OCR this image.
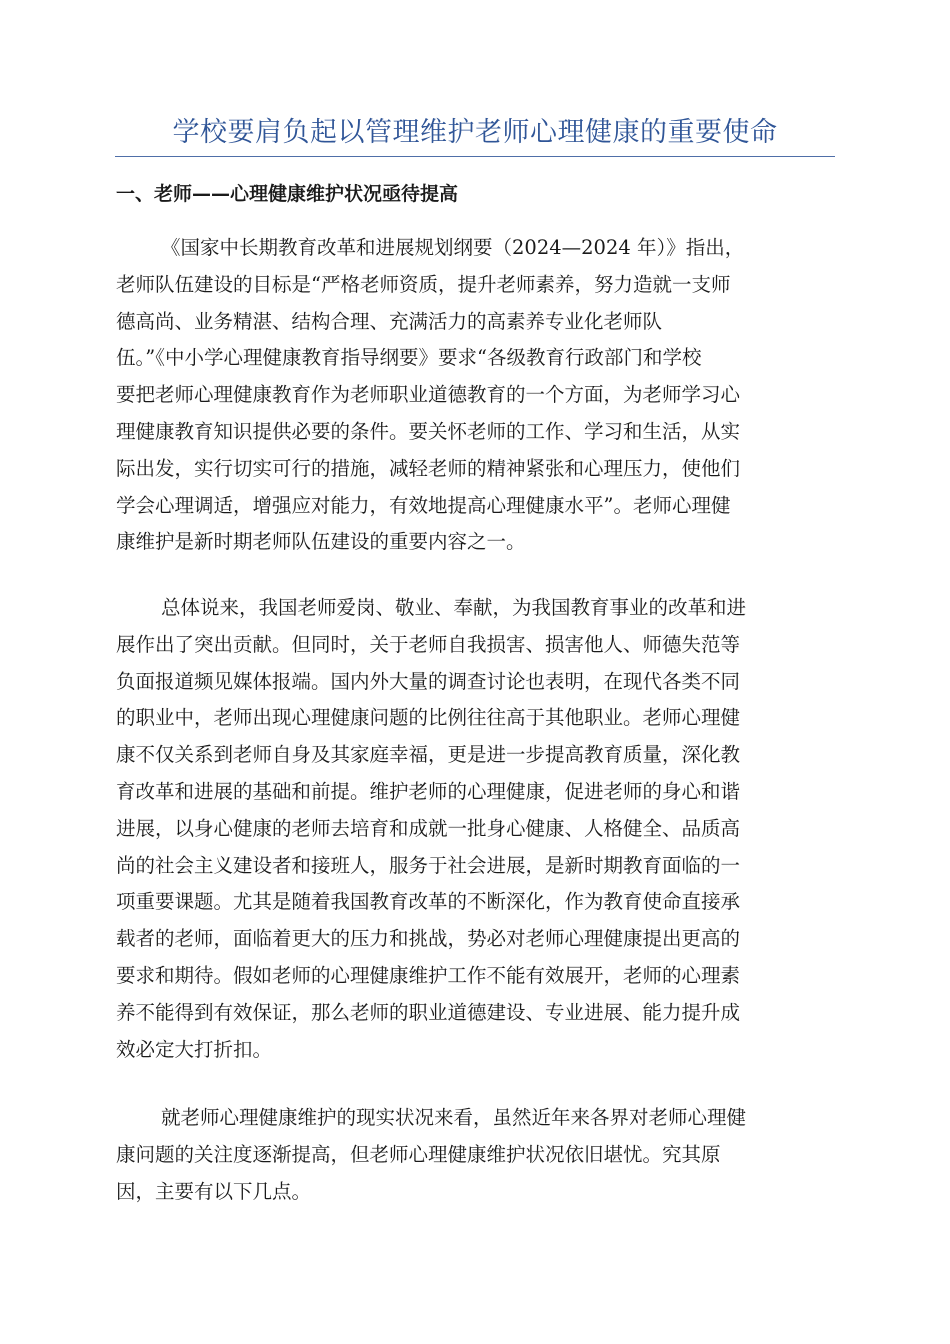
学校要肩负起以管理维护老师心理健康的重要使命
一、老师——心理健康维护状况亟待提高
《国家中长期教育改革和进展规划纲要（2024—2024 年）》指出，
老师队伍建设的目标是“严格老师资质，提升老师素养，努力造就一支师
德高尚、业务精湛、结构合理、充满活力的高素养专业化老师队
伍。”《中小学心理健康教育指导纲要》要求“各级教育行政部门和学校
要把老师心理健康教育作为老师职业道德教育的一个方面，为老师学习心
理健康教育知识提供必要的条件。要关怀老师的工作、学习和生活，从实
际出发，实行切实可行的措施，减轻老师的精神紧张和心理压力，使他们
学会心理调适，增强应对能力，有效地提高心理健康水平”。老师心理健
康维护是新时期老师队伍建设的重要内容之一。
总体说来，我国老师爱岗、敬业、奉献，为我国教育事业的改革和进
展作出了突出贡献。但同时，关于老师自我损害、损害他人、师德失范等
负面报道频见媒体报端。国内外大量的调查讨论也表明，在现代各类不同
的职业中，老师出现心理健康问题的比例往往高于其他职业。老师心理健
康不仅关系到老师自身及其家庭幸福，更是进一步提高教育质量，深化教
育改革和进展的基础和前提。维护老师的心理健康，促进老师的身心和谐
进展，以身心健康的老师去培育和成就一批身心健康、人格健全、品质高
尚的社会主义建设者和接班人，服务于社会进展，是新时期教育面临的一
项重要课题。尤其是随着我国教育改革的不断深化，作为教育使命直接承
载者的老师，面临着更大的压力和挑战，势必对老师心理健康提出更高的
要求和期待。假如老师的心理健康维护工作不能有效展开，老师的心理素
养不能得到有效保证，那么老师的职业道德建设、专业进展、能力提升成
效必定大打折扣。
就老师心理健康维护的现实状况来看，虽然近年来各界对老师心理健
康问题的关注度逐渐提高，但老师心理健康维护状况依旧堪忧。究其原
因，主要有以下几点。
